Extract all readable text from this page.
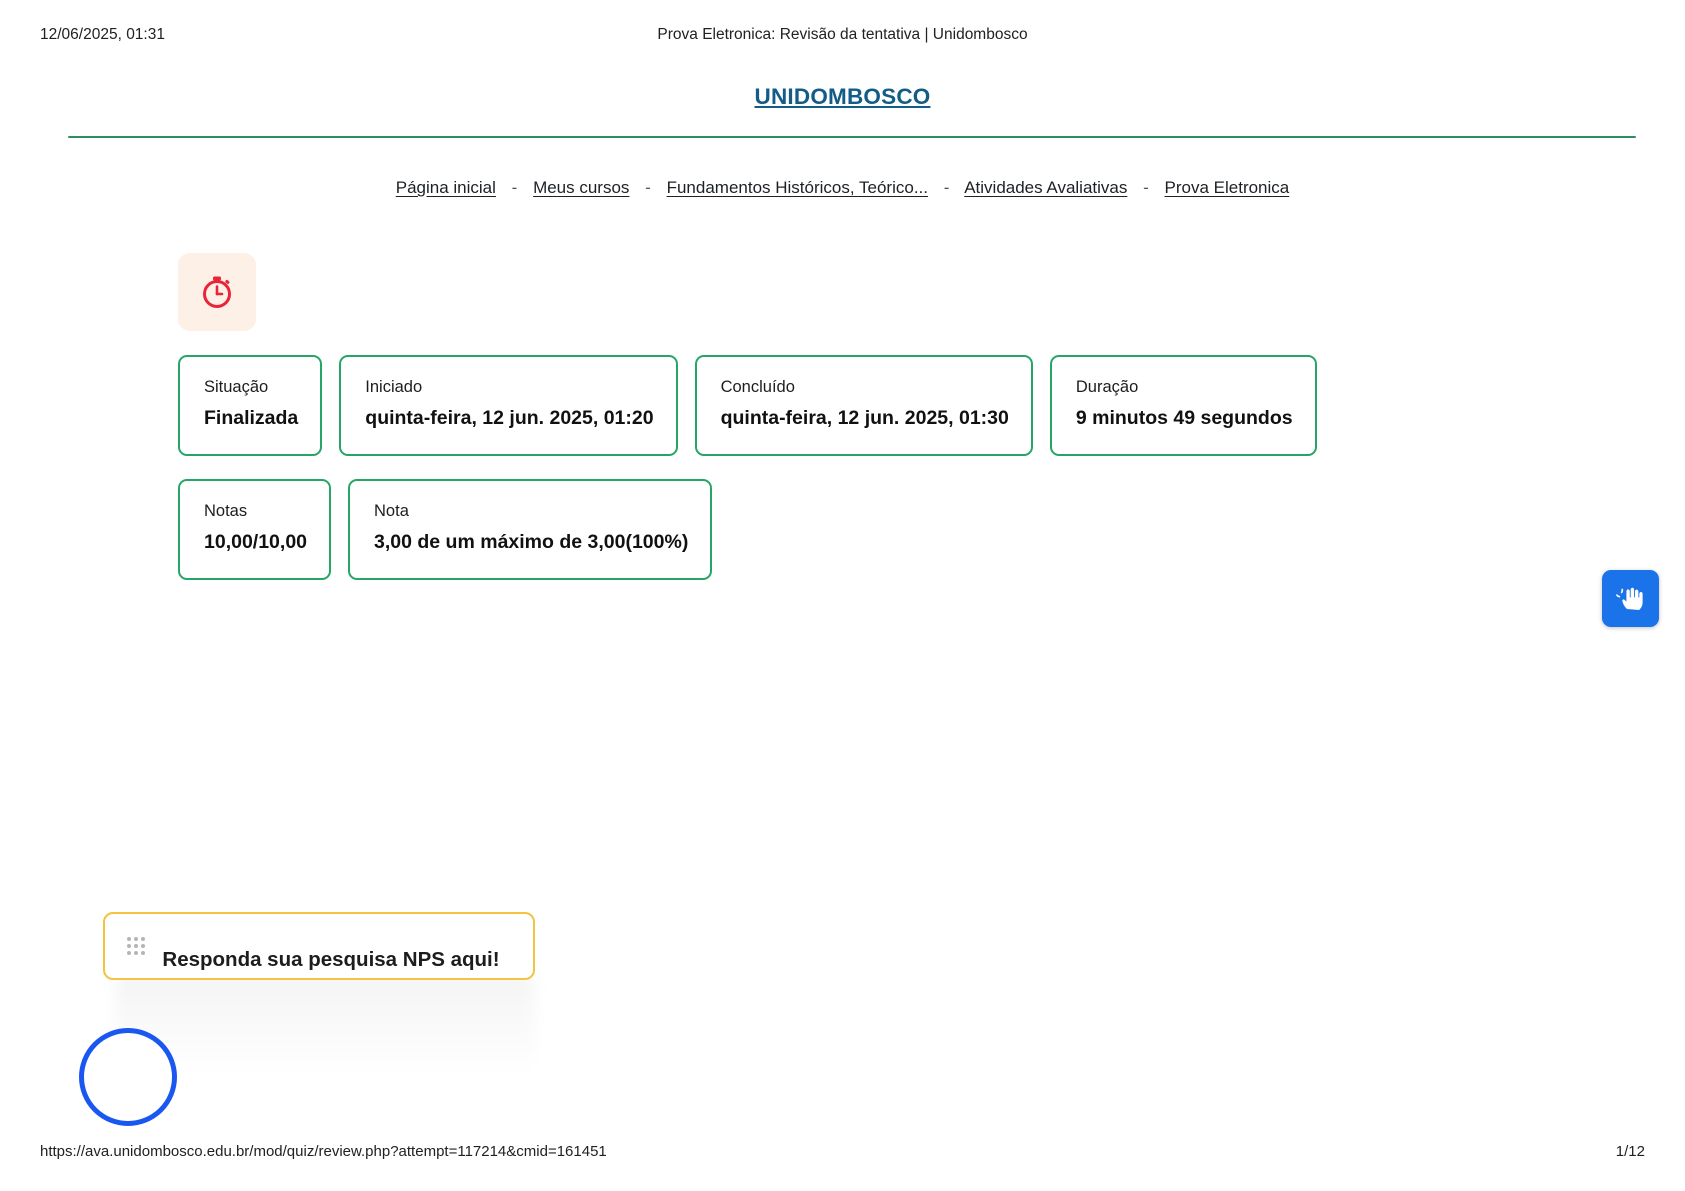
12/06/2025, 01:31	Prova Eletronica: Revisão da tentativa | Unidombosco
UNIDOMBOSCO
Página inicial - Meus cursos - Fundamentos Históricos, Teórico... - Atividades Avaliativas - Prova Eletronica
Situação
Finalizada
Iniciado
quinta-feira, 12 jun. 2025, 01:20
Concluído
quinta-feira, 12 jun. 2025, 01:30
Duração
9 minutos 49 segundos
Notas
10,00/10,00
Nota
3,00 de um máximo de 3,00(100%)
Responda sua pesquisa NPS aqui!
https://ava.unidombosco.edu.br/mod/quiz/review.php?attempt=117214&cmid=161451	1/12
